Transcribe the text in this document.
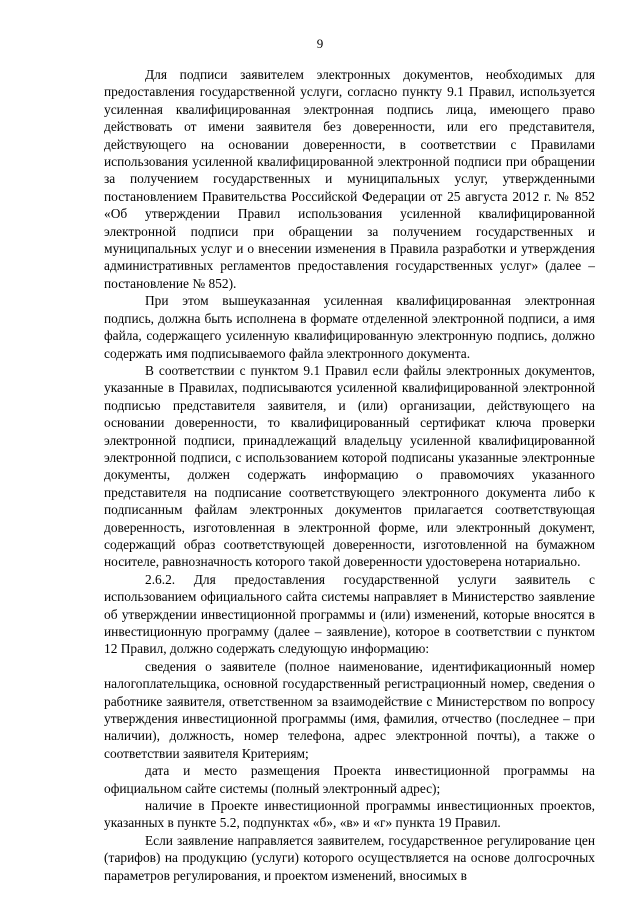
9

Для подписи заявителем электронных документов, необходимых для предоставления государственной услуги, согласно пункту 9.1 Правил, используется усиленная квалифицированная электронная подпись лица, имеющего право действовать от имени заявителя без доверенности, или его представителя, действующего на основании доверенности, в соответствии с Правилами использования усиленной квалифицированной электронной подписи при обращении за получением государственных и муниципальных услуг, утвержденными постановлением Правительства Российской Федерации от 25 августа 2012 г. № 852 «Об утверждении Правил использования усиленной квалифицированной электронной подписи при обращении за получением государственных и муниципальных услуг и о внесении изменения в Правила разработки и утверждения административных регламентов предоставления государственных услуг» (далее – постановление № 852).

При этом вышеуказанная усиленная квалифицированная электронная подпись, должна быть исполнена в формате отделенной электронной подписи, а имя файла, содержащего усиленную квалифицированную электронную подпись, должно содержать имя подписываемого файла электронного документа.

В соответствии с пунктом 9.1 Правил если файлы электронных документов, указанные в Правилах, подписываются усиленной квалифицированной электронной подписью представителя заявителя, и (или) организации, действующего на основании доверенности, то квалифицированный сертификат ключа проверки электронной подписи, принадлежащий владельцу усиленной квалифицированной электронной подписи, с использованием которой подписаны указанные электронные документы, должен содержать информацию о правомочиях указанного представителя на подписание соответствующего электронного документа либо к подписанным файлам электронных документов прилагается соответствующая доверенность, изготовленная в электронной форме, или электронный документ, содержащий образ соответствующей доверенности, изготовленной на бумажном носителе, равнозначность которого такой доверенности удостоверена нотариально.

2.6.2. Для предоставления государственной услуги заявитель с использованием официального сайта системы направляет в Министерство заявление об утверждении инвестиционной программы и (или) изменений, которые вносятся в инвестиционную программу (далее – заявление), которое в соответствии с пунктом 12 Правил, должно содержать следующую информацию:

сведения о заявителе (полное наименование, идентификационный номер налогоплательщика, основной государственный регистрационный номер, сведения о работнике заявителя, ответственном за взаимодействие с Министерством по вопросу утверждения инвестиционной программы (имя, фамилия, отчество (последнее – при наличии), должность, номер телефона, адрес электронной почты), а также о соответствии заявителя Критериям;

дата и место размещения Проекта инвестиционной программы на официальном сайте системы (полный электронный адрес);

наличие в Проекте инвестиционной программы инвестиционных проектов, указанных в пункте 5.2, подпунктах «б», «в» и «г» пункта 19 Правил.

Если заявление направляется заявителем, государственное регулирование цен (тарифов) на продукцию (услуги) которого осуществляется на основе долгосрочных параметров регулирования, и проектом изменений, вносимых в
